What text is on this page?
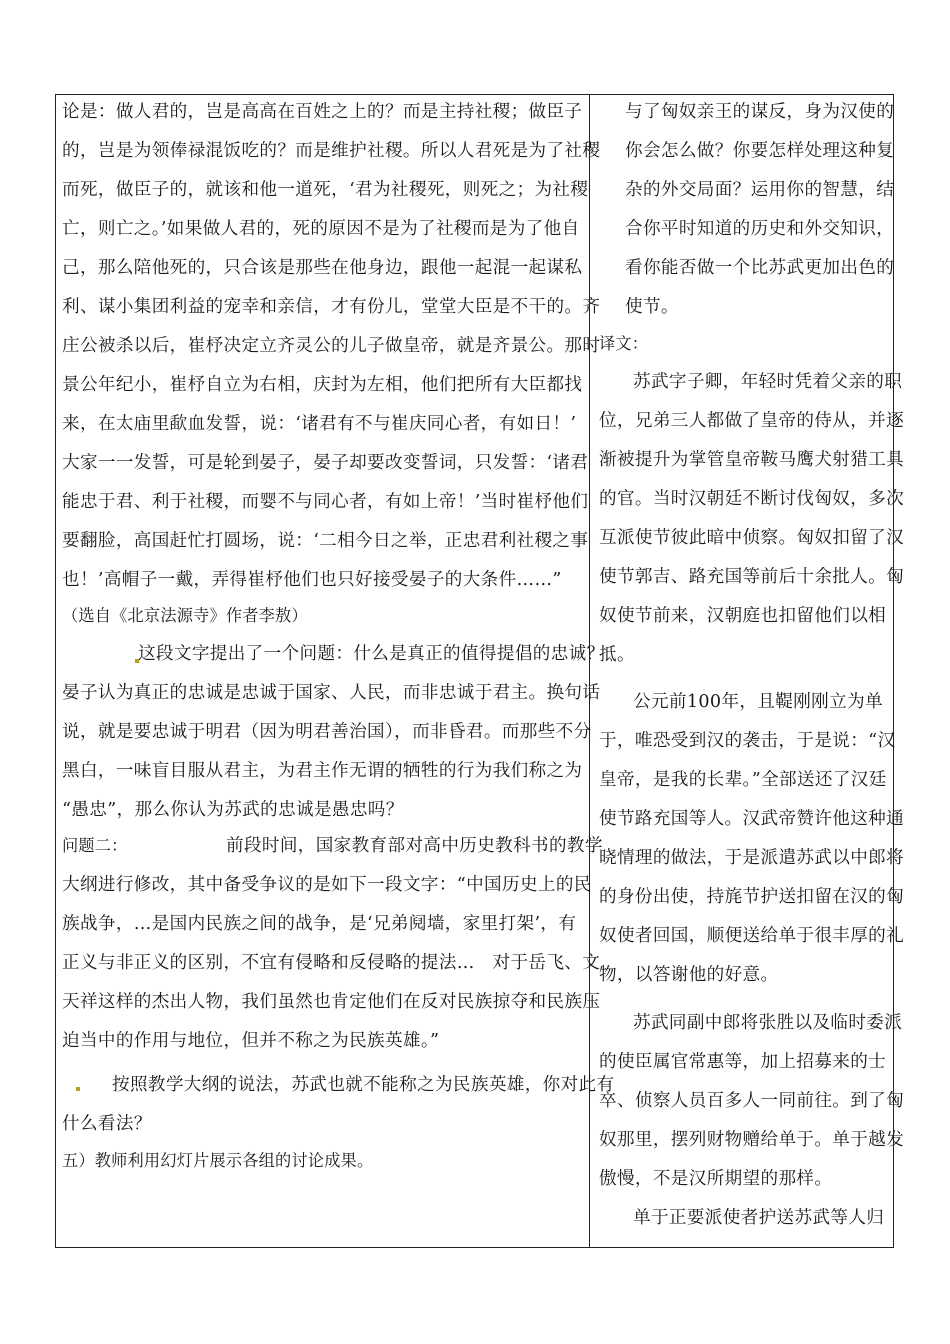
论是：做人君的，岂是高高在百姓之上的？而是主持社稷；做臣子
的，岂是为领俸禄混饭吃的？而是维护社稷。所以人君死是为了社稷
而死，做臣子的，就该和他一道死，‘君为社稷死，则死之；为社稷
亡，则亡之。’如果做人君的，死的原因不是为了社稷而是为了他自
己，那么陪他死的，只合该是那些在他身边，跟他一起混一起谋私
利、谋小集团利益的宠幸和亲信，才有份儿，堂堂大臣是不干的。齐
庄公被杀以后，崔杼决定立齐灵公的儿子做皇帝，就是齐景公。那时
景公年纪小，崔杼自立为右相，庆封为左相，他们把所有大臣都找
来，在太庙里歃血发誓，说：‘诸君有不与崔庆同心者，有如日！’
大家一一发誓，可是轮到晏子，晏子却要改变誓词，只发誓：‘诸君
能忠于君、利于社稷，而婴不与同心者，有如上帝！’当时崔杼他们
要翻脸，高国赶忙打圆场，说：‘二相今日之举，正忠君利社稷之事
也！’高帽子一戴，弄得崔杼他们也只好接受晏子的大条件……”
（选自《北京法源寺》作者李敖）
这段文字提出了一个问题：什么是真正的值得提倡的忠诚？
晏子认为真正的忠诚是忠诚于国家、人民，而非忠诚于君主。换句话
说，就是要忠诚于明君（因为明君善治国），而非昏君。而那些不分
黑白，一味盲目服从君主，为君主作无谓的牺牲的行为我们称之为
“愚忠”，那么你认为苏武的忠诚是愚忠吗？
问题二：	前段时间，国家教育部对高中历史教科书的教学
大纲进行修改，其中备受争议的是如下一段文字：“中国历史上的民
族战争，…是国内民族之间的战争，是‘兄弟阋墙，家里打架’，有
正义与非正义的区别，不宜有侵略和反侵略的提法…   对于岳飞、文
天祥这样的杰出人物，我们虽然也肯定他们在反对民族掠夺和民族压
迫当中的作用与地位，但并不称之为民族英雄。”
按照教学大纲的说法，苏武也就不能称之为民族英雄，你对此有
什么看法？
五）教师利用幻灯片展示各组的讨论成果。
与了匈奴亲王的谋反，身为汉使的
你会怎么做？你要怎样处理这种复
杂的外交局面？运用你的智慧，结
合你平时知道的历史和外交知识，
看你能否做一个比苏武更加出色的
使节。
译文：
苏武字子卿，年轻时凭着父亲的职
位，兄弟三人都做了皇帝的侍从，并逐
渐被提升为掌管皇帝鞍马鹰犬射猎工具
的官。当时汉朝廷不断讨伐匈奴，多次
互派使节彼此暗中侦察。匈奴扣留了汉
使节郭吉、路充国等前后十余批人。匈
奴使节前来，汉朝庭也扣留他们以相
抵。
公元前100年，且鞮刚刚立为单
于，唯恐受到汉的袭击，于是说：“汉
皇帝，是我的长辈。”全部送还了汉廷
使节路充国等人。汉武帝赞许他这种通
晓情理的做法，于是派遣苏武以中郎将
的身份出使，持旄节护送扣留在汉的匈
奴使者回国，顺便送给单于很丰厚的礼
物，以答谢他的好意。
苏武同副中郎将张胜以及临时委派
的使臣属官常惠等，加上招募来的士
卒、侦察人员百多人一同前往。到了匈
奴那里，摆列财物赠给单于。单于越发
傲慢，不是汉所期望的那样。
单于正要派使者护送苏武等人归
